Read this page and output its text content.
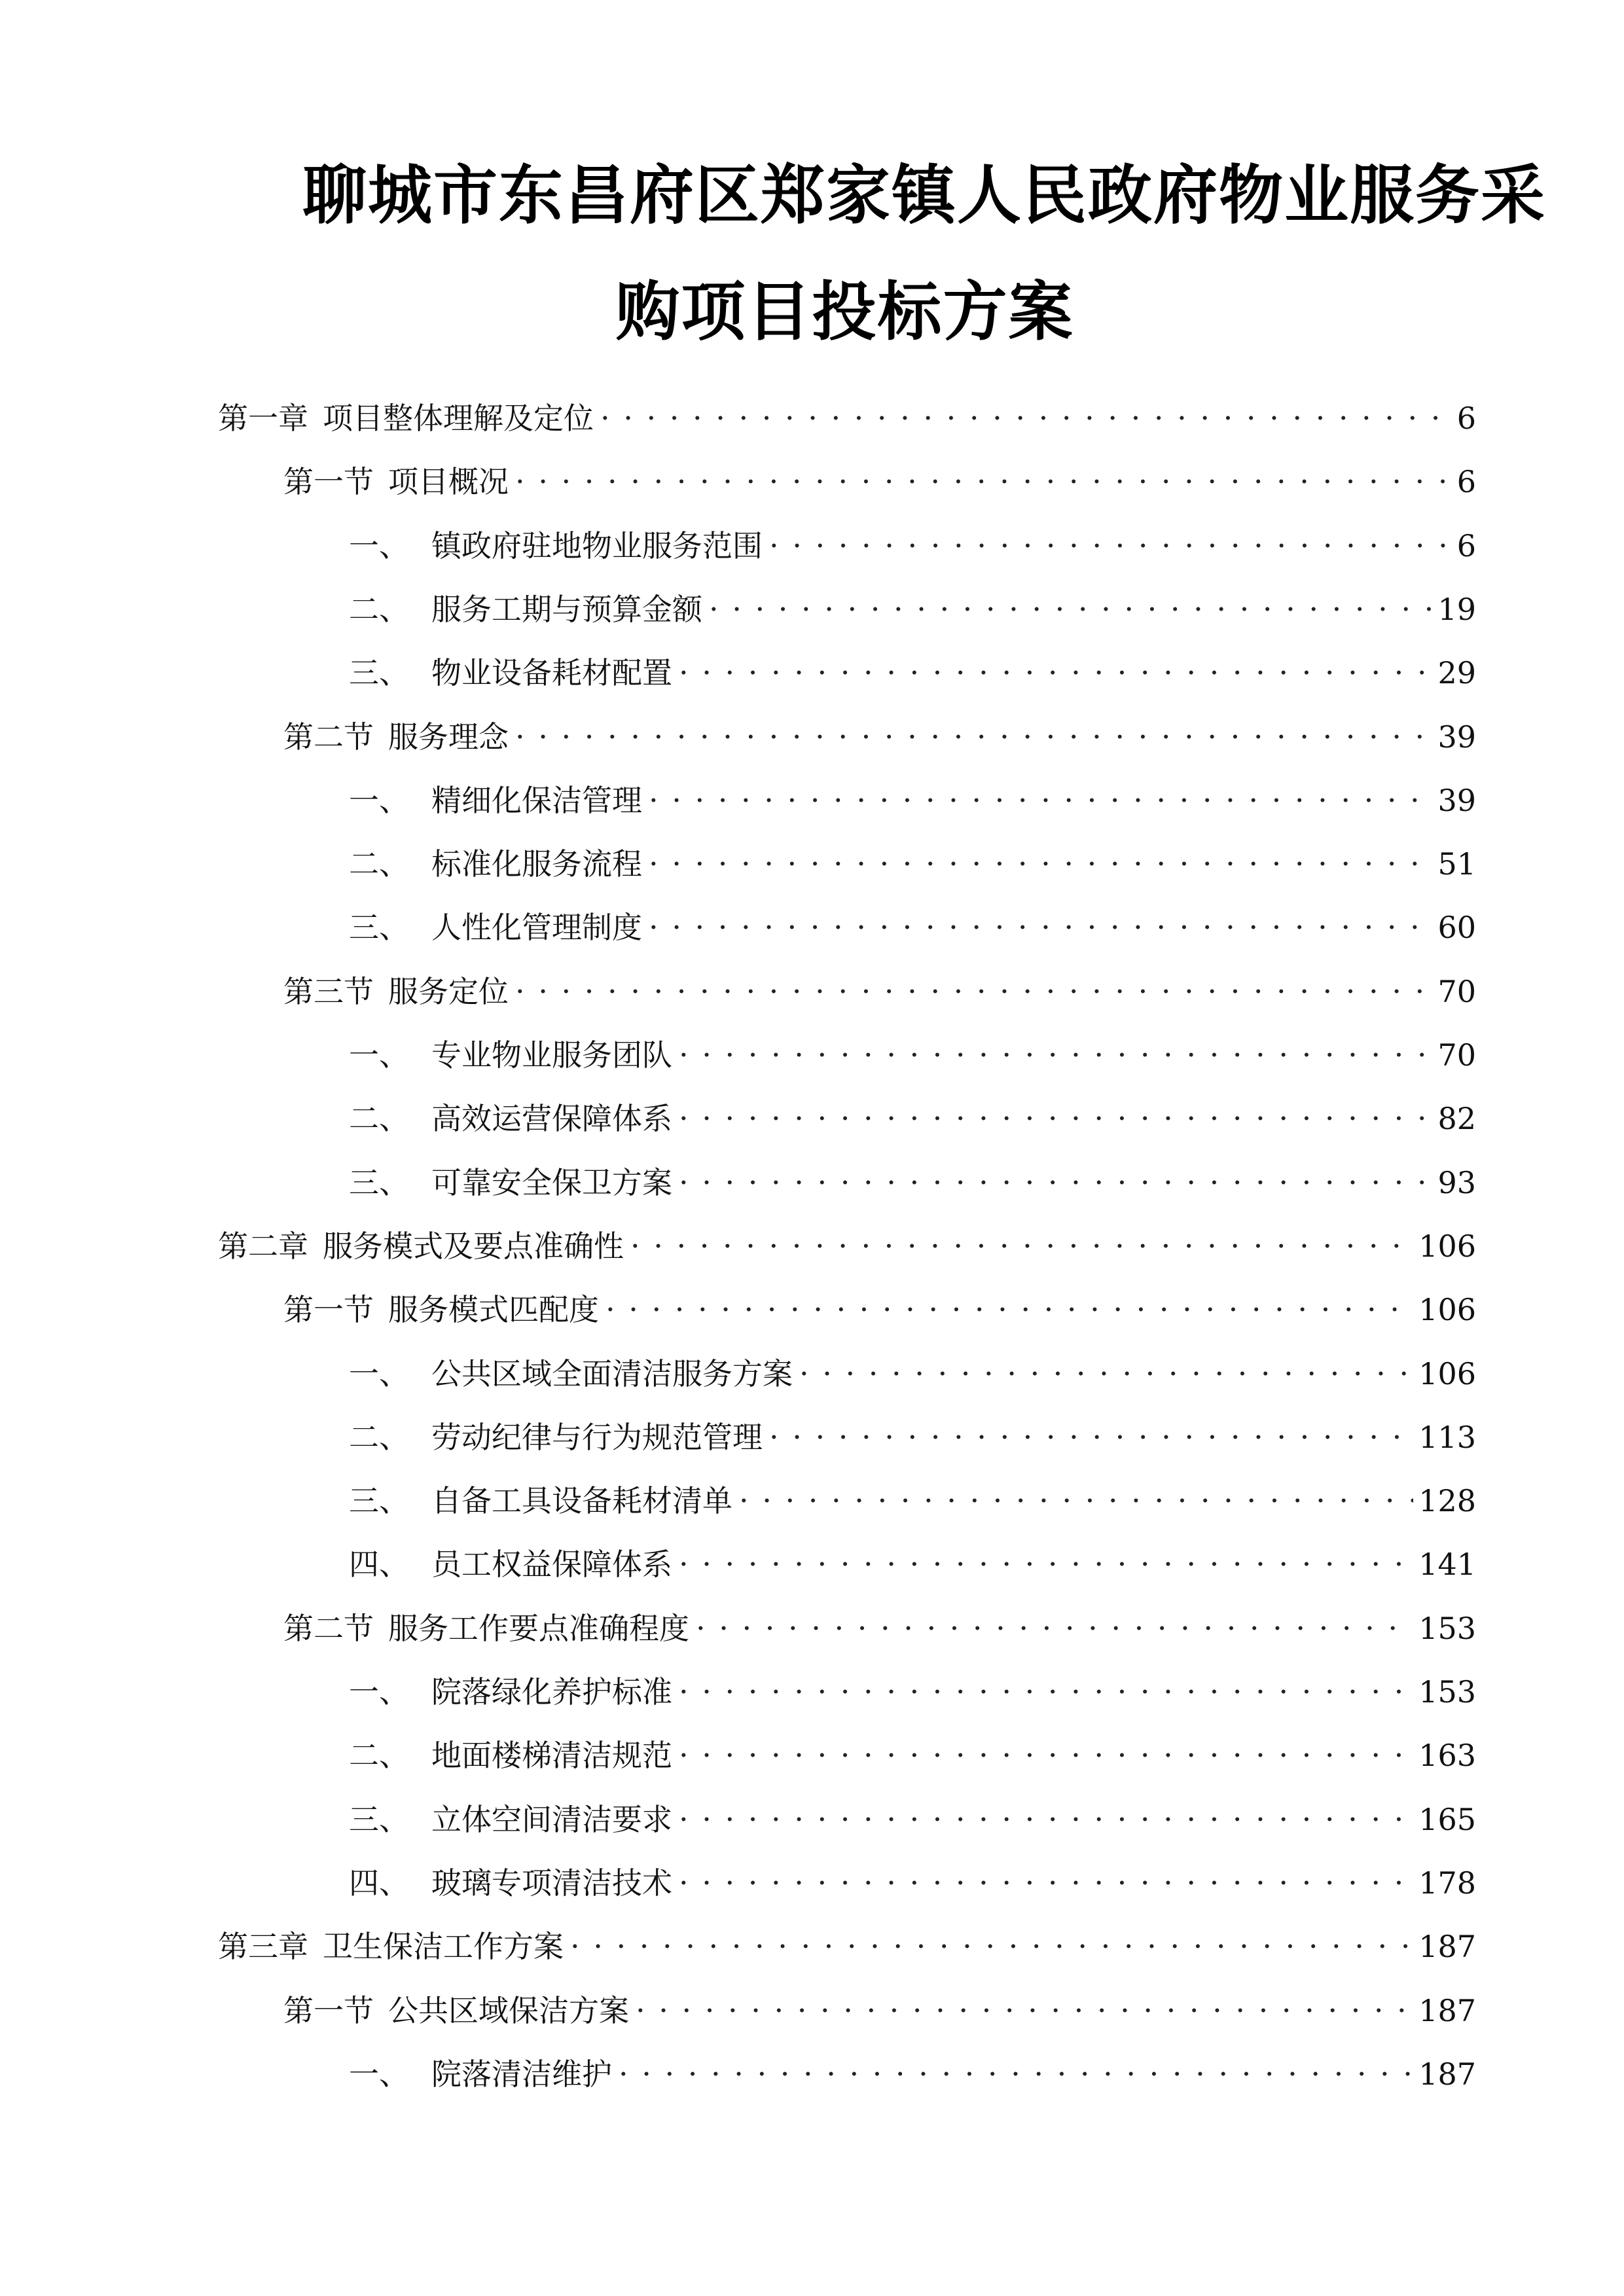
聊城市东昌府区郑家镇人民政府物业服务采
购项目投标方案
第一章 项目整体理解及定位 . . .	6
第一节 项目概况 . . .	6
一、 镇政府驻地物业服务范围 . . .	6
二、 服务工期与预算金额 . . .	19
三、 物业设备耗材配置 . . .	29
第二节 服务理念 . . .	39
一、 精细化保洁管理 . . .	39
二、 标准化服务流程 . . .	51
三、 人性化管理制度 . . .	60
第三节 服务定位 . . .	70
一、 专业物业服务团队 . . .	70
二、 高效运营保障体系 . . .	82
三、 可靠安全保卫方案 . . .	93
第二章 服务模式及要点准确性 . . .	106
第一节 服务模式匹配度 . . .	106
一、 公共区域全面清洁服务方案 . . .	106
二、 劳动纪律与行为规范管理 . . .	113
三、 自备工具设备耗材清单 . . .	128
四、 员工权益保障体系 . . .	141
第二节 服务工作要点准确程度 . . .	153
一、 院落绿化养护标准 . . .	153
二、 地面楼梯清洁规范 . . .	163
三、 立体空间清洁要求 . . .	165
四、 玻璃专项清洁技术 . . .	178
第三章 卫生保洁工作方案 . . .	187
第一节 公共区域保洁方案 . . .	187
一、 院落清洁维护 . . .	187
